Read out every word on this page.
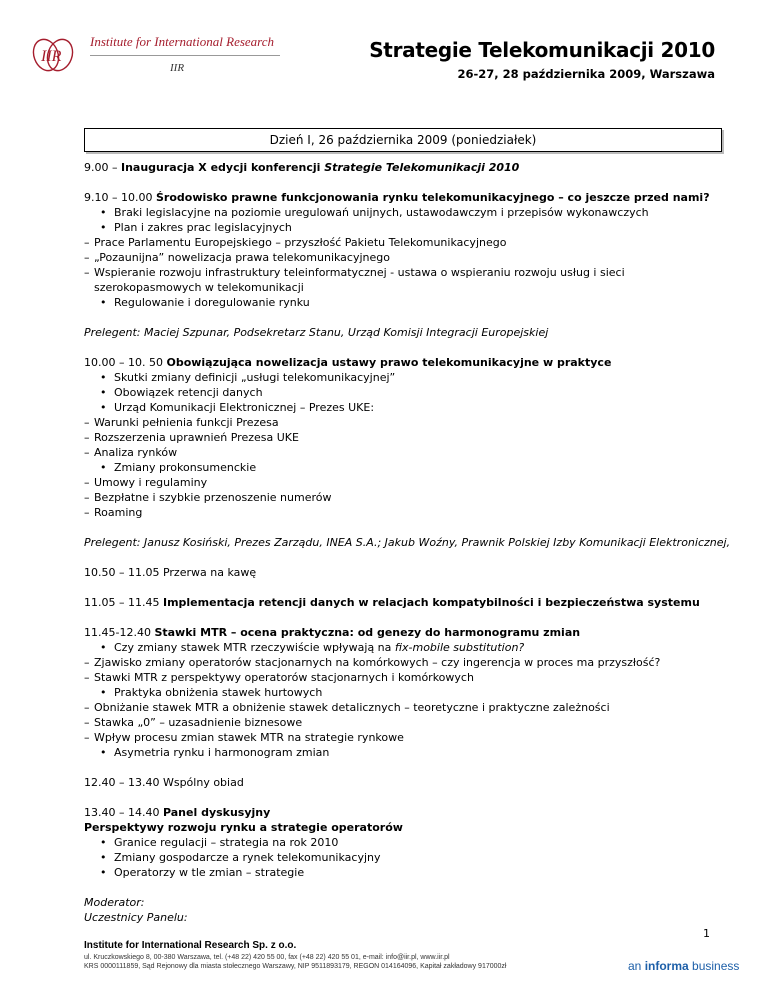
IIR
Institute for International Research
IIR
Strategie Telekomunikacji 2010
26-27, 28 października 2009, Warszawa
Dzień I, 26 października 2009 (poniedziałek)

9.00 – Inauguracja X edycji konferencji Strategie Telekomunikacji 2010

9.10 – 10.00 Środowisko prawne funkcjonowania rynku telekomunikacyjnego – co jeszcze przed nami?

• Braki legislacyjne na poziomie uregulowań unijnych, ustawodawczym i przepisów wykonawczych
• Plan i zakres prac legislacyjnych
– Prace Parlamentu Europejskiego – przyszłość Pakietu Telekomunikacyjnego
– „Pozaunijna” nowelizacja prawa telekomunikacyjnego
– Wspieranie rozwoju infrastruktury teleinformatycznej - ustawa o wspieraniu rozwoju usług i sieci szerokopasmowych w telekomunikacji
• Regulowanie i doregulowanie rynku

Prelegent: Maciej Szpunar, Podsekretarz Stanu, Urząd Komisji Integracji Europejskiej

10.00 – 10. 50 Obowiązująca nowelizacja ustawy prawo telekomunikacyjne w praktyce

• Skutki zmiany definicji „usługi telekomunikacyjnej”
• Obowiązek retencji danych
• Urząd Komunikacji Elektronicznej – Prezes UKE:
– Warunki pełnienia funkcji Prezesa
– Rozszerzenia uprawnień Prezesa UKE
– Analiza rynków
• Zmiany prokonsumenckie
– Umowy i regulaminy
– Bezpłatne i szybkie przenoszenie numerów
– Roaming

Prelegent: Janusz Kosiński, Prezes Zarządu, INEA S.A.; Jakub Woźny, Prawnik Polskiej Izby Komunikacji Elektronicznej,

10.50 – 11.05 Przerwa na kawę

11.05 – 11.45 Implementacja retencji danych w relacjach kompatybilności i bezpieczeństwa systemu

11.45-12.40 Stawki MTR – ocena praktyczna: od genezy do harmonogramu zmian

• Czy zmiany stawek MTR rzeczywiście wpływają na fix-mobile substitution?
– Zjawisko zmiany operatorów stacjonarnych na komórkowych – czy ingerencja w proces ma przyszłość?
– Stawki MTR z perspektywy operatorów stacjonarnych i komórkowych
• Praktyka obniżenia stawek hurtowych
– Obniżanie stawek MTR a obniżenie stawek detalicznych – teoretyczne i praktyczne zależności
– Stawka „0” – uzasadnienie biznesowe
– Wpływ procesu zmian stawek MTR na strategie rynkowe
• Asymetria rynku i harmonogram zmian

12.40 – 13.40 Wspólny obiad

13.40 – 14.40 Panel dyskusyjny

Perspektywy rozwoju rynku a strategie operatorów

• Granice regulacji – strategia na rok 2010
• Zmiany gospodarcze a rynek telekomunikacyjny
• Operatorzy w tle zmian – strategie

Moderator:

Uczestnicy Panelu:

1
Institute for International Research Sp. z o.o.
ul. Kruczkowskiego 8, 00-380 Warszawa, tel. (+48 22) 420 55 00, fax (+48 22) 420 55 01, e-mail: info@iir.pl, www.iir.pl
KRS 0000111859, Sąd Rejonowy dla miasta stołecznego Warszawy, NIP 9511893179, REGON 014164096, Kapitał zakładowy 917000zł	an informa business
